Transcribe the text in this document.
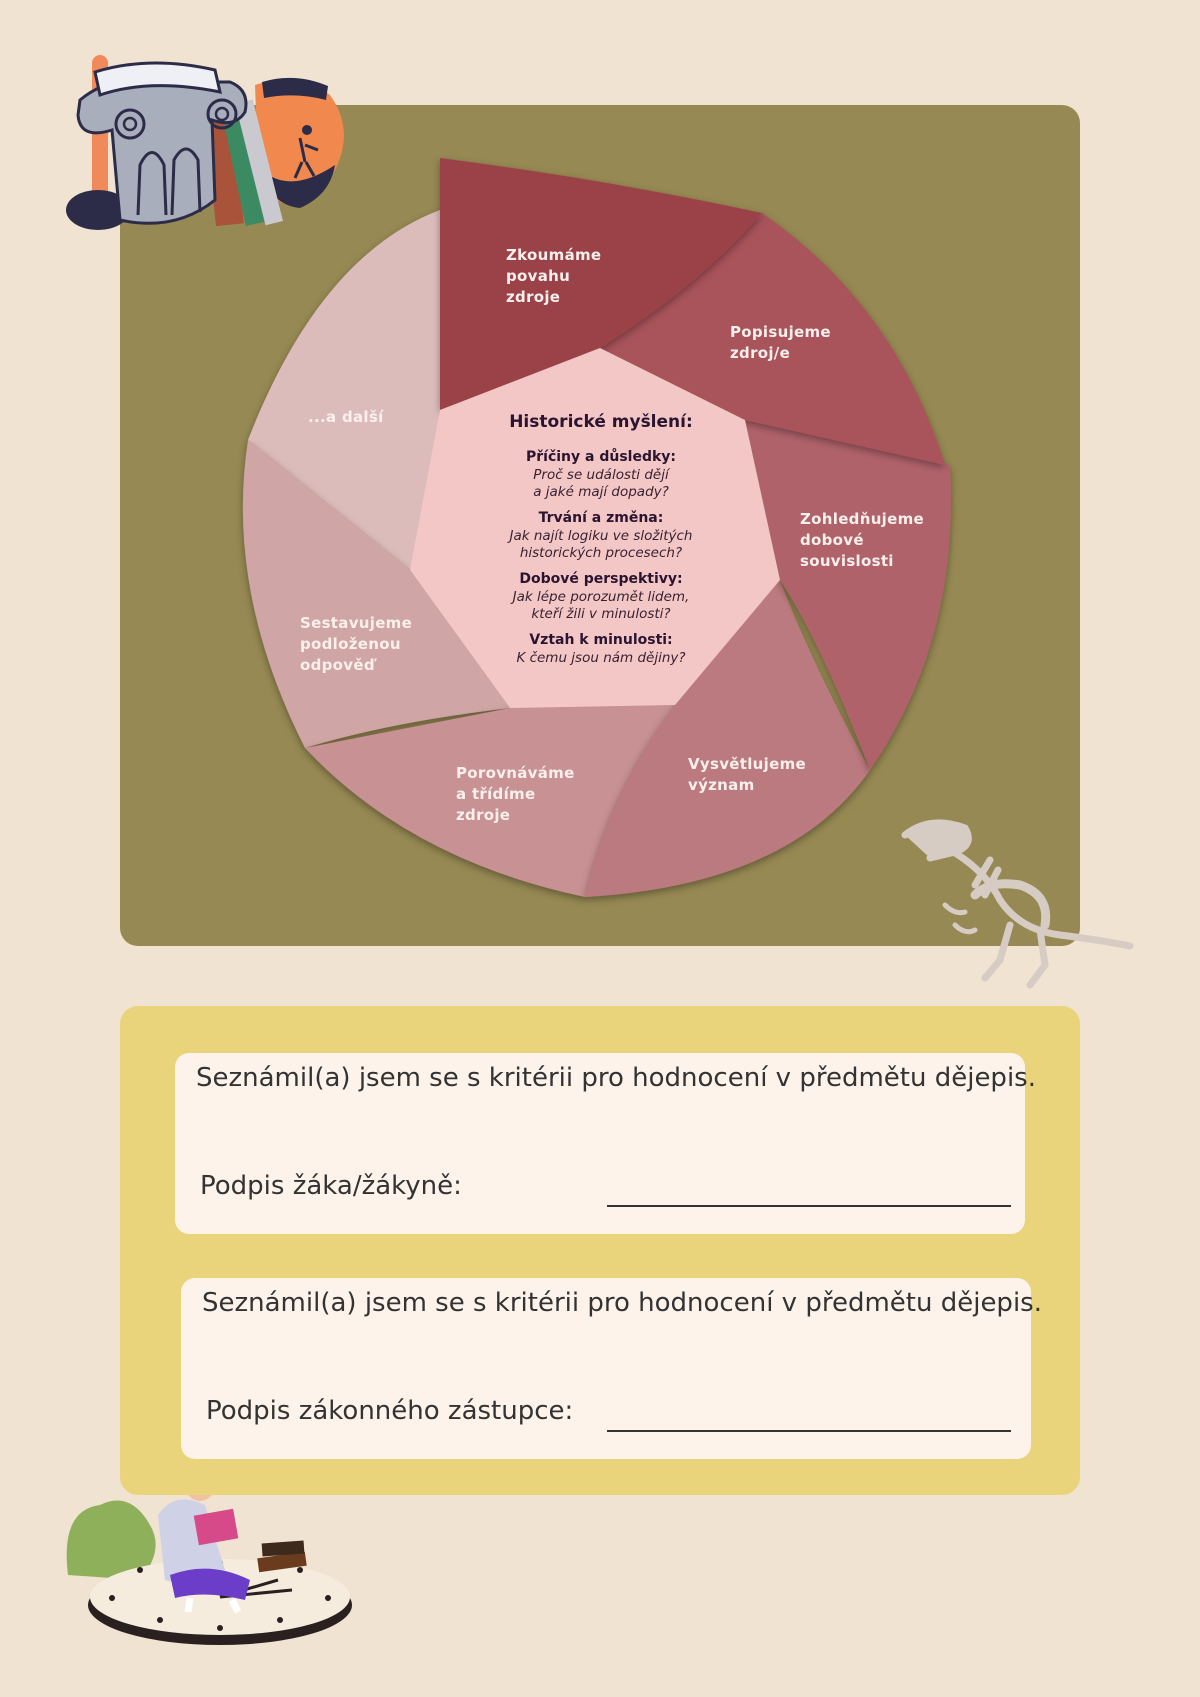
Zkoumáme povahu zdroje
Popisujeme zdroj/e
Zohledňujeme dobové souvislosti
Vysvětlujeme význam
Porovnáváme a třídíme zdroje
Sestavujeme podloženou odpověď
...a další	Historické myšlení:
Příčiny a důsledky:
Proč se události dějí
a jaké mají dopady?
Trvání a změna:
Jak najít logiku ve složitých
historických procesech?
Dobové perspektivy:
Jak lépe porozumět lidem,
kteří žili v minulosti?
Vztah k minulosti:
K čemu jsou nám dějiny?
Seznámil(a) jsem se s kritérii pro hodnocení v předmětu dějepis.
Podpis žáka/žákyně:
Seznámil(a) jsem se s kritérii pro hodnocení v předmětu dějepis.
Podpis zákonného zástupce:
